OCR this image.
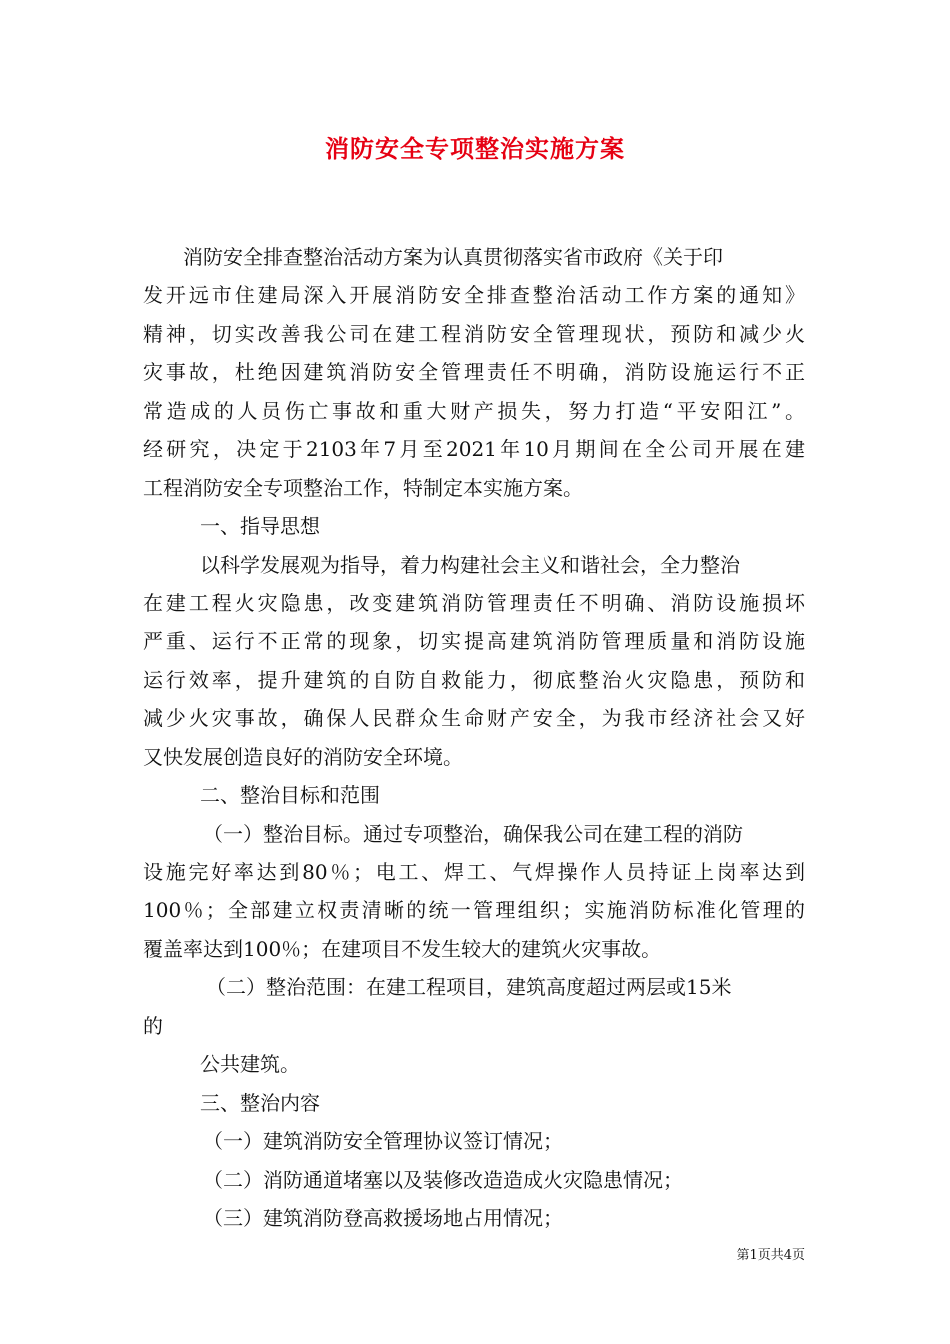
消防安全专项整治实施方案

消防安全排查整治活动方案为认真贯彻落实省市政府《关于印

发开远市住建局深入开展消防安全排查整治活动工作方案的通知》

精神，切实改善我公司在建工程消防安全管理现状，预防和减少火

灾事故，杜绝因建筑消防安全管理责任不明确，消防设施运行不正

常造成的人员伤亡事故和重大财产损失，努力打造“平安阳江”。

经研究，决定于2103年7月至2021年10月期间在全公司开展在建

工程消防安全专项整治工作，特制定本实施方案。

一、指导思想

以科学发展观为指导，着力构建社会主义和谐社会，全力整治

在建工程火灾隐患，改变建筑消防管理责任不明确、消防设施损坏

严重、运行不正常的现象，切实提高建筑消防管理质量和消防设施

运行效率，提升建筑的自防自救能力，彻底整治火灾隐患，预防和

减少火灾事故，确保人民群众生命财产安全，为我市经济社会又好

又快发展创造良好的消防安全环境。

二、整治目标和范围

（一）整治目标。通过专项整治，确保我公司在建工程的消防

设施完好率达到80％；电工、焊工、气焊操作人员持证上岗率达到

100％；全部建立权责清晰的统一管理组织；实施消防标准化管理的

覆盖率达到100％；在建项目不发生较大的建筑火灾事故。

（二）整治范围：在建工程项目，建筑高度超过两层或15米

的

公共建筑。

三、整治内容

（一）建筑消防安全管理协议签订情况；

（二）消防通道堵塞以及装修改造造成火灾隐患情况；

（三）建筑消防登高救援场地占用情况；

第1页共4页
